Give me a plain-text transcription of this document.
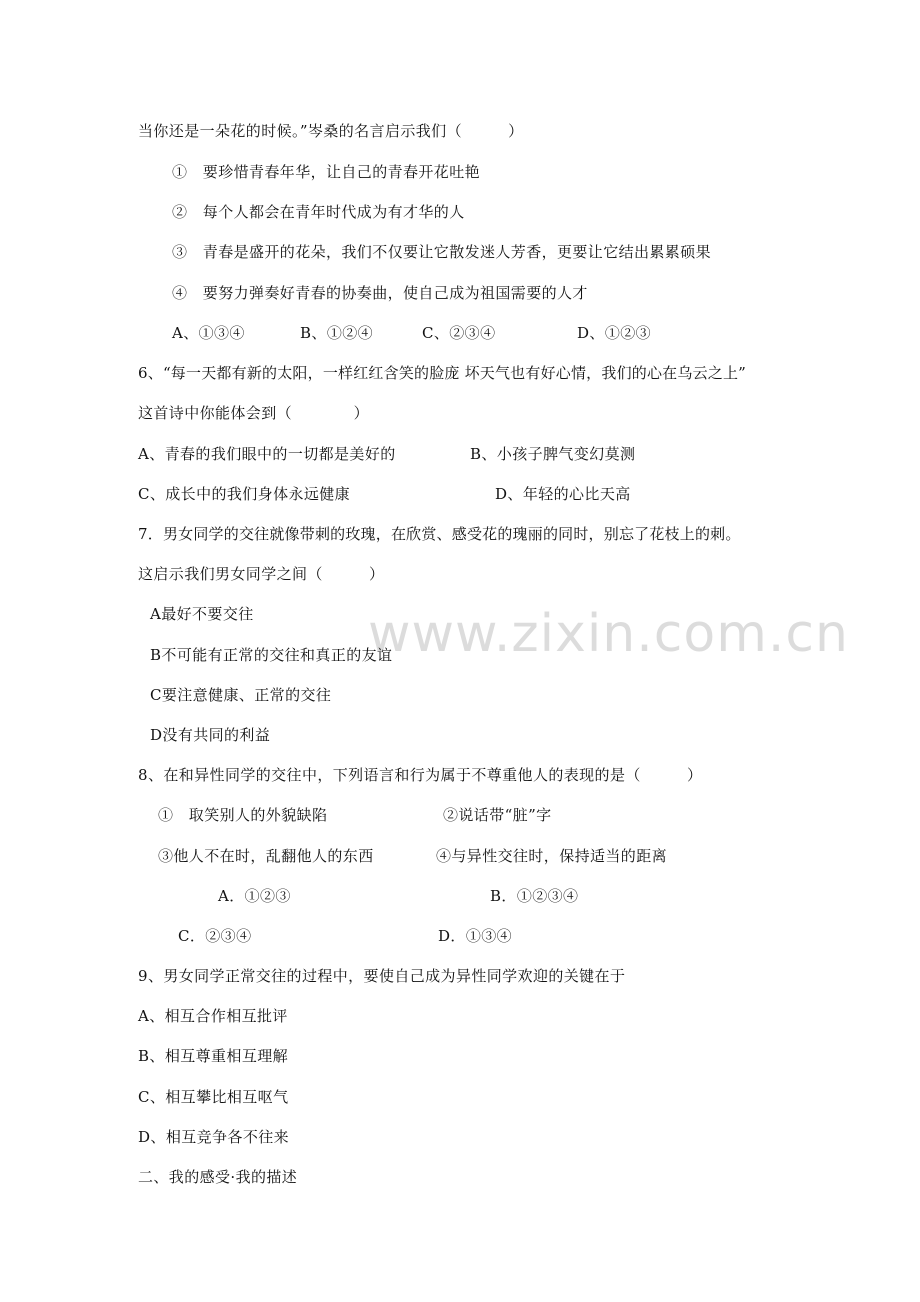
www.zixin.com.cn
当你还是一朵花的时候。”岑桑的名言启示我们（　　　）
①　要珍惜青春年华，让自己的青春开花吐艳
②　每个人都会在青年时代成为有才华的人
③　青春是盛开的花朵，我们不仅要让它散发迷人芳香，更要让它结出累累硕果
④　要努力弹奏好青春的协奏曲，使自己成为祖国需要的人才
A、①③④	B、①②④	C、②③④	D、①②③
6、“每一天都有新的太阳，一样红红含笑的脸庞 坏天气也有好心情，我们的心在乌云之上”
这首诗中你能体会到（　　　　）
A、青春的我们眼中的一切都是美好的	B、小孩子脾气变幻莫测
C、成长中的我们身体永远健康	D、年轻的心比天高
7．男女同学的交往就像带刺的玫瑰，在欣赏、感受花的瑰丽的同时，别忘了花枝上的刺。
这启示我们男女同学之间（　　　）
A最好不要交往
B不可能有正常的交往和真正的友谊
C要注意健康、正常的交往
D没有共同的利益
8、在和异性同学的交往中，下列语言和行为属于不尊重他人的表现的是（　　　）
①　取笑别人的外貌缺陷	②说话带“脏”字
③他人不在时，乱翻他人的东西	④与异性交往时，保持适当的距离
A．①②③	B．①②③④
C．②③④	D．①③④
9、男女同学正常交往的过程中，要使自己成为异性同学欢迎的关键在于
A、相互合作相互批评
B、相互尊重相互理解
C、相互攀比相互呕气
D、相互竞争各不往来
二、我的感受·我的描述
